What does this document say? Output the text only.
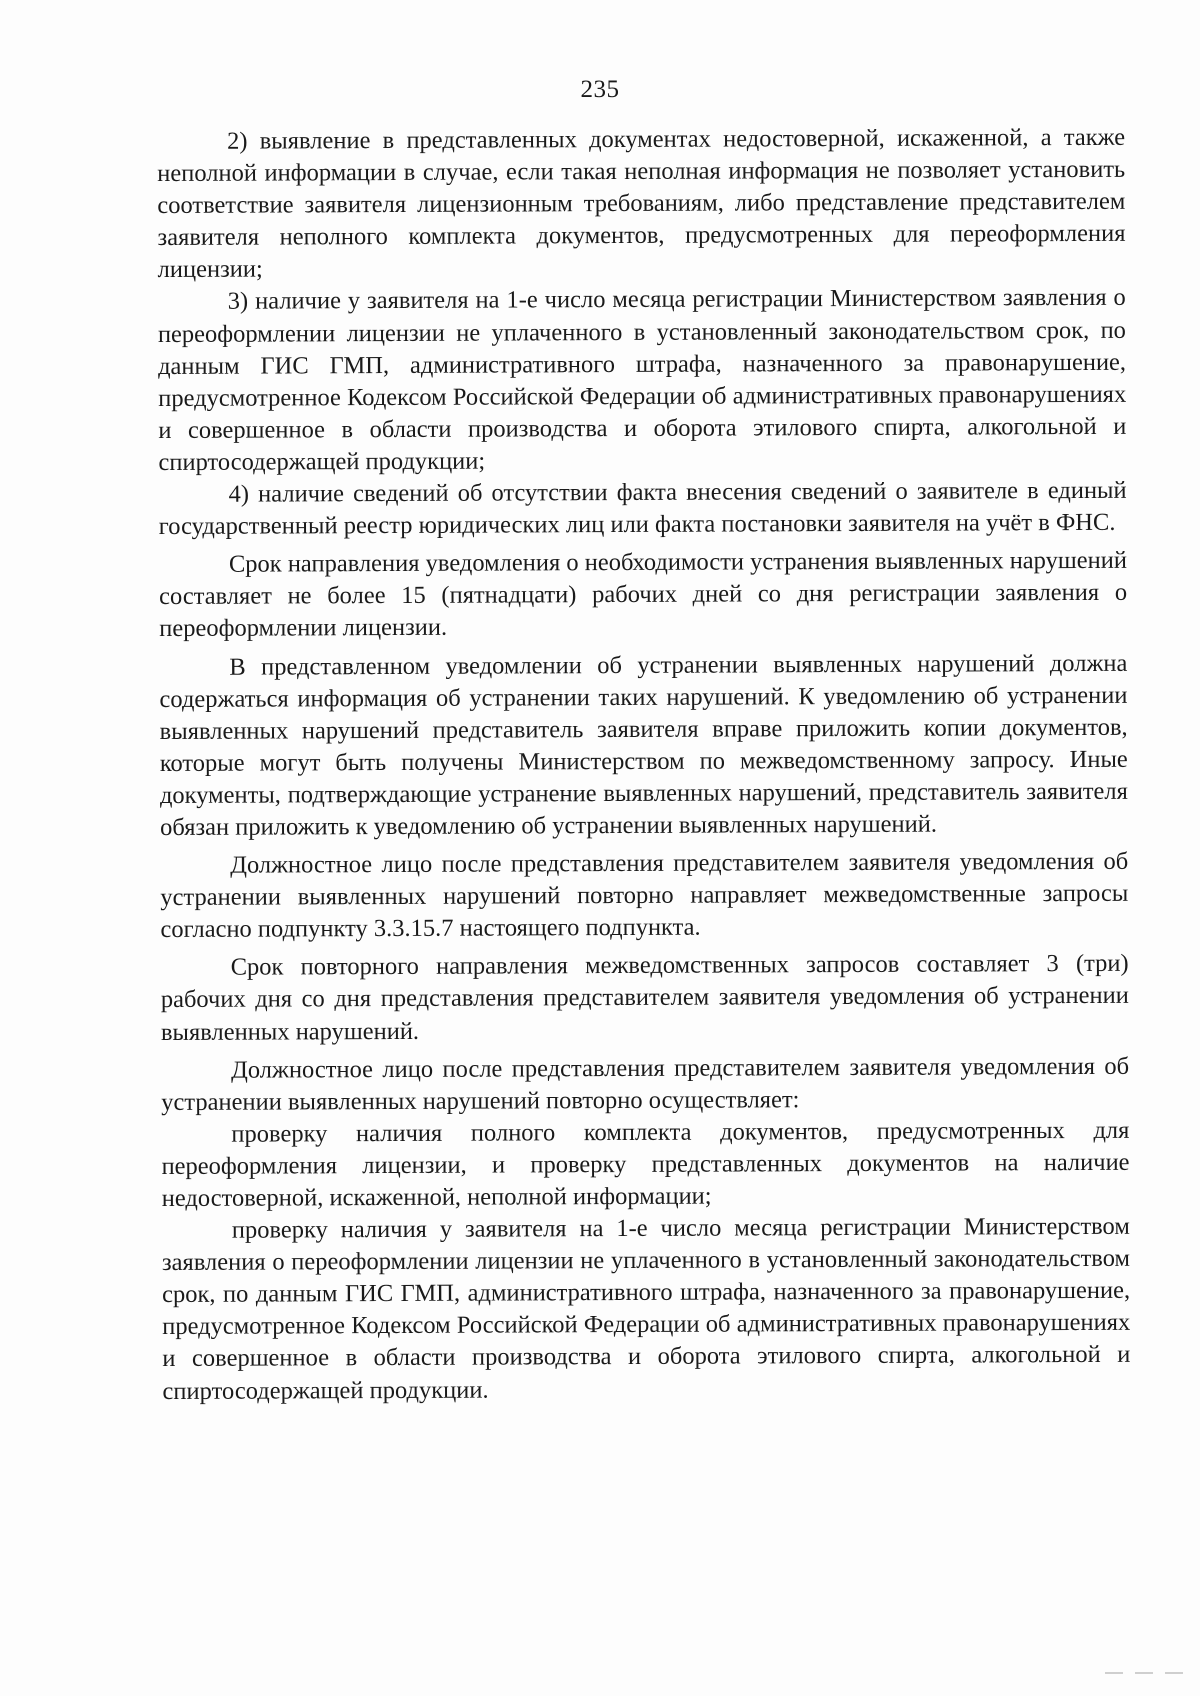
235

2) выявление в представленных документах недостоверной, искаженной, а также неполной информации в случае, если такая неполная информация не позволяет установить соответствие заявителя лицензионным требованиям, либо представление представителем заявителя неполного комплекта документов, предусмотренных для переоформления лицензии;

3) наличие у заявителя на 1-е число месяца регистрации Министерством заявления о переоформлении лицензии не уплаченного в установленный законодательством срок, по данным ГИС ГМП, административного штрафа, назначенного за правонарушение, предусмотренное Кодексом Российской Федерации об административных правонарушениях и совершенное в области производства и оборота этилового спирта, алкогольной и спиртосодержащей продукции;

4) наличие сведений об отсутствии факта внесения сведений о заявителе в единый государственный реестр юридических лиц или факта постановки заявителя на учёт в ФНС.

Срок направления уведомления о необходимости устранения выявленных нарушений составляет не более 15 (пятнадцати) рабочих дней со дня регистрации заявления о переоформлении лицензии.

В представленном уведомлении об устранении выявленных нарушений должна содержаться информация об устранении таких нарушений. К уведомлению об устранении выявленных нарушений представитель заявителя вправе приложить копии документов, которые могут быть получены Министерством по межведомственному запросу. Иные документы, подтверждающие устранение выявленных нарушений, представитель заявителя обязан приложить к уведомлению об устранении выявленных нарушений.

Должностное лицо после представления представителем заявителя уведомления об устранении выявленных нарушений повторно направляет межведомственные запросы согласно подпункту 3.3.15.7 настоящего подпункта.

Срок повторного направления межведомственных запросов составляет 3 (три) рабочих дня со дня представления представителем заявителя уведомления об устранении выявленных нарушений.

Должностное лицо после представления представителем заявителя уведомления об устранении выявленных нарушений повторно осуществляет:

проверку наличия полного комплекта документов, предусмотренных для переоформления лицензии, и проверку представленных документов на наличие недостоверной, искаженной, неполной информации;

проверку наличия у заявителя на 1-е число месяца регистрации Министерством заявления о переоформлении лицензии не уплаченного в установленный законодательством срок, по данным ГИС ГМП, административного штрафа, назначенного за правонарушение, предусмотренное Кодексом Российской Федерации об административных правонарушениях и совершенное в области производства и оборота этилового спирта, алкогольной и спиртосодержащей продукции.
